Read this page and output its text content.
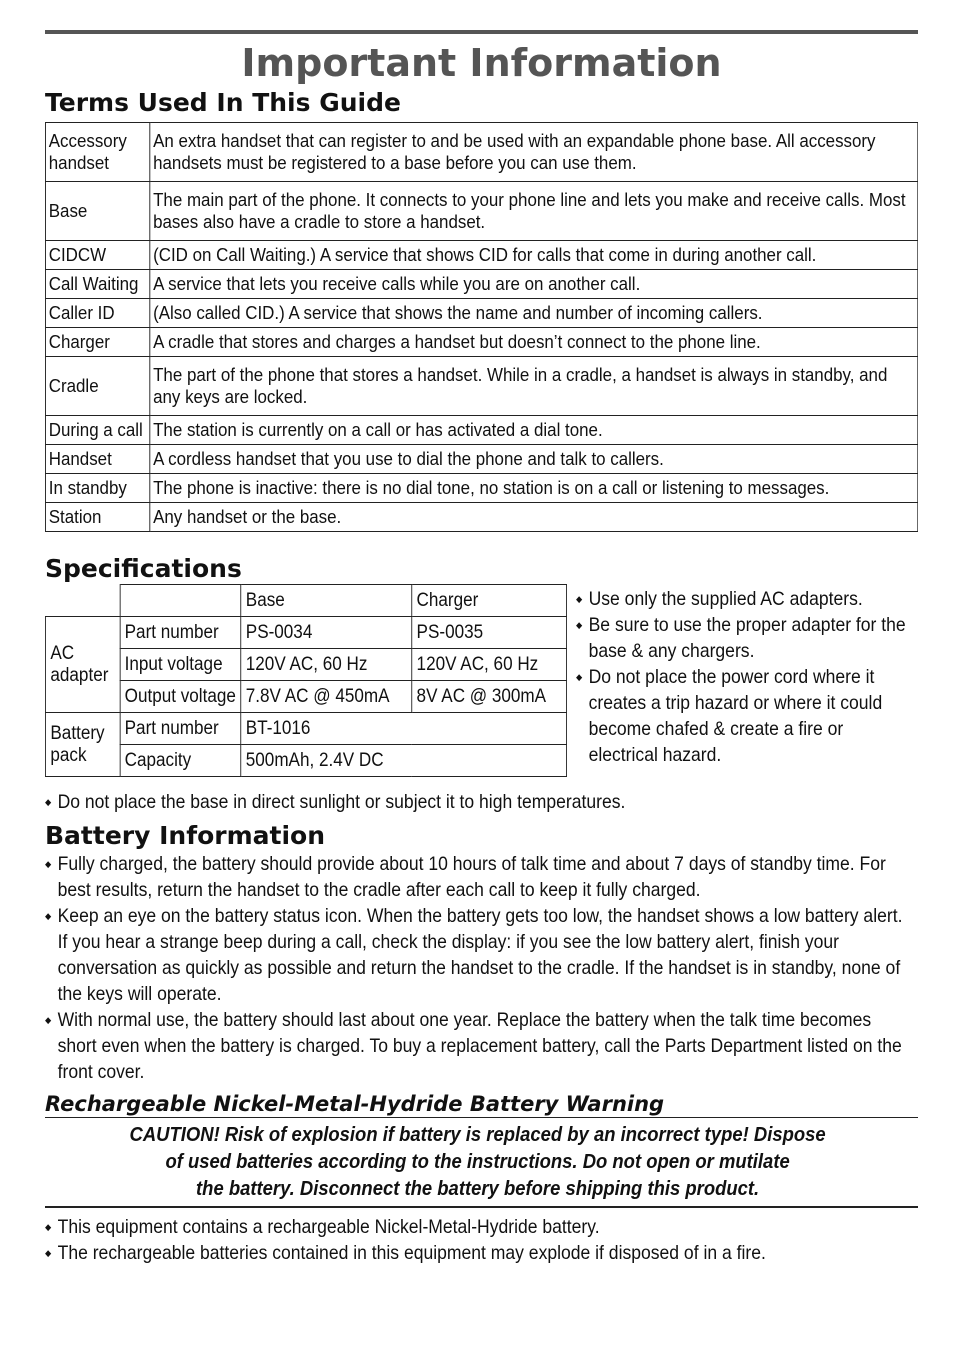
Important Information
Terms Used In This Guide
Accessory handset	An extra handset that can register to and be used with an expandable phone base. All accessory handsets must be registered to a base before you can use them.
Base	The main part of the phone. It connects to your phone line and lets you make and receive calls. Most bases also have a cradle to store a handset.
CIDCW	(CID on Call Waiting.) A service that shows CID for calls that come in during another call.
Call Waiting	A service that lets you receive calls while you are on another call.
Caller ID	(Also called CID.) A service that shows the name and number of incoming callers.
Charger	A cradle that stores and charges a handset but doesn’t connect to the phone line.
Cradle	The part of the phone that stores a handset. While in a cradle, a handset is always in standby, and any keys are locked.
During a call	The station is currently on a call or has activated a dial tone.
Handset	A cordless handset that you use to dial the phone and talk to callers.
In standby	The phone is inactive: there is no dial tone, no station is on a call or listening to messages.
Station	Any handset or the base.
Specifications
		Base	Charger
AC adapter	Part number	PS-0034	PS-0035
	Input voltage	120V AC, 60 Hz	120V AC, 60 Hz
	Output voltage	7.8V AC @ 450mA	8V AC @ 300mA
Battery pack	Part number	BT-1016	
	Capacity	500mAh, 2.4V DC	
◆ Use only the supplied AC adapters.
◆ Be sure to use the proper adapter for the base & any chargers.
◆ Do not place the power cord where it creates a trip hazard or where it could become chafed & create a fire or electrical hazard.
◆ Do not place the base in direct sunlight or subject it to high temperatures.
Battery Information
◆ Fully charged, the battery should provide about 10 hours of talk time and about 7 days of standby time. For best results, return the handset to the cradle after each call to keep it fully charged.
◆ Keep an eye on the battery status icon. When the battery gets too low, the handset shows a low battery alert. If you hear a strange beep during a call, check the display: if you see the low battery alert, finish your conversation as quickly as possible and return the handset to the cradle. If the handset is in standby, none of the keys will operate.
◆ With normal use, the battery should last about one year. Replace the battery when the talk time becomes short even when the battery is charged. To buy a replacement battery, call the Parts Department listed on the front cover.
Rechargeable Nickel-Metal-Hydride Battery Warning
CAUTION! Risk of explosion if battery is replaced by an incorrect type! Dispose
of used batteries according to the instructions. Do not open or mutilate
the battery. Disconnect the battery before shipping this product.
◆ This equipment contains a rechargeable Nickel-Metal-Hydride battery.
◆ The rechargeable batteries contained in this equipment may explode if disposed of in a fire.
